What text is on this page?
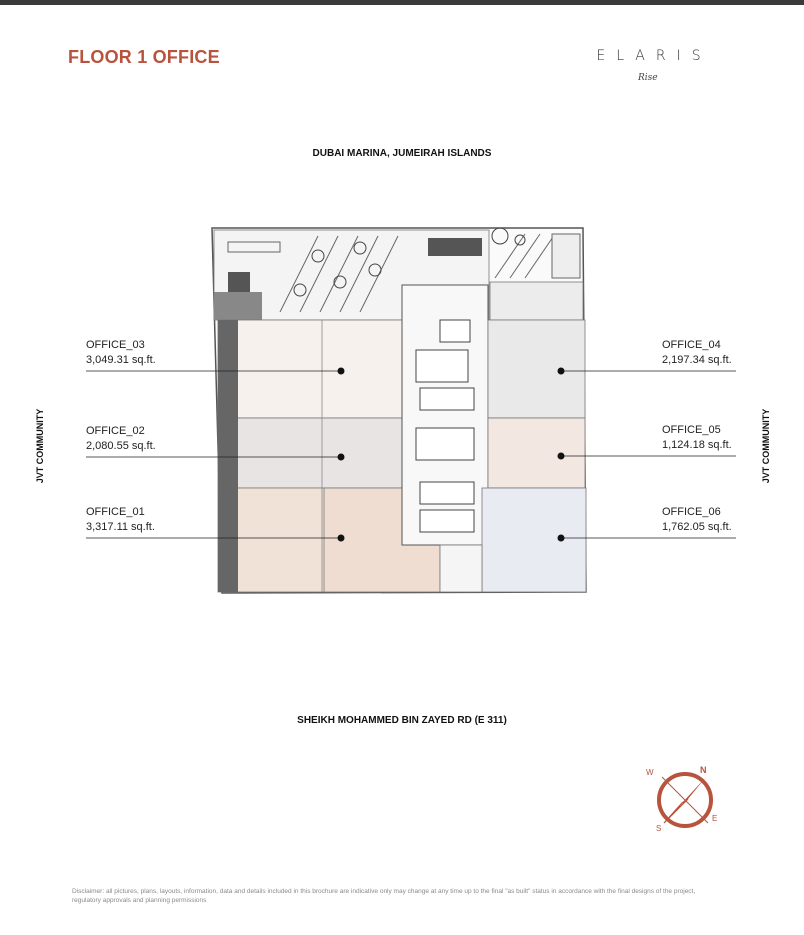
FLOOR 1 OFFICE	ELARIS
Rise
DUBAI MARINA, JUMEIRAH ISLANDS
SHEIKH MOHAMMED BIN ZAYED RD (E 311)
JVT COMMUNITY	JVT COMMUNITY
OFFICE_03
3,049.31 sq.ft.
OFFICE_02
2,080.55 sq.ft.
OFFICE_01
3,317.11 sq.ft.
OFFICE_04
2,197.34 sq.ft.
OFFICE_05
1,124.18 sq.ft.
OFFICE_06
1,762.05 sq.ft.
N
E
S
W
Disclaimer: all pictures, plans, layouts, information, data and details included in this brochure are indicative only may change at any time up to the final "as built" status in accordance with the final designs of the project, regulatory approvals and planning permissions
